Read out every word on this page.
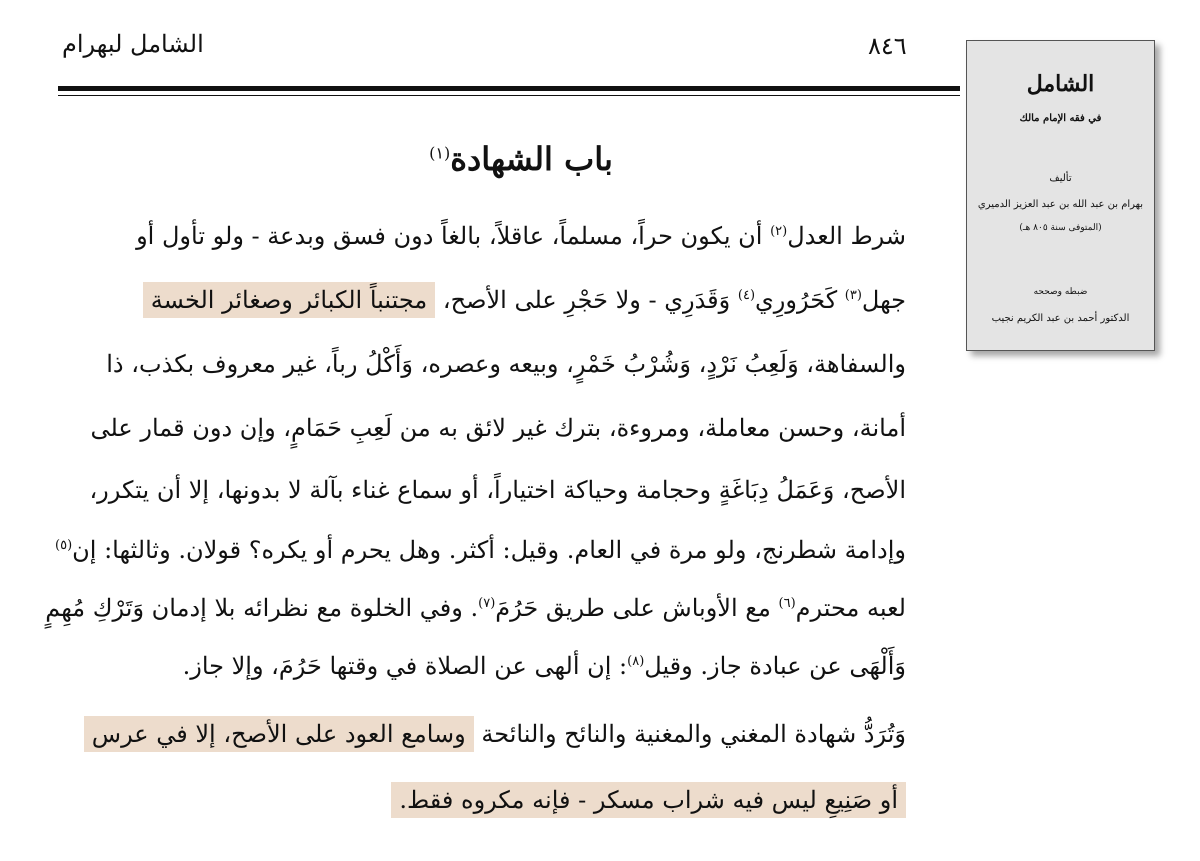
الشامل لبهرام	٨٤٦
باب الشهادة$^{(١)}$
شرط العدل$^{(٢)}$ أن يكون حراً، مسلماً، عاقلاً، بالغاً دون فسق وبدعة - ولو تأول أو
جهل$^{(٣)}$ كَحَرُورِي$^{(٤)}$ وَقَدَرِي - ولا حَجْرِ على الأصح، مجتنباً الكبائر وصغائر الخسة
والسفاهة، وَلَعِبُ نَرْدٍ، وَشُرْبُ خَمْرٍ، وبيعه وعصره، وَأَكْلُ رباً، غير معروف بكذب، ذا
أمانة، وحسن معاملة، ومروءة، بترك غير لائق به من لَعِبِ حَمَامٍ، وإن دون قمار على
الأصح، وَعَمَلُ دِبَاغَةٍ وحجامة وحياكة اختياراً، أو سماع غناء بآلة لا بدونها، إلا أن يتكرر،
وإدامة شطرنج، ولو مرة في العام. وقيل: أكثر. وهل يحرم أو يكره؟ قولان. وثالثها: إن$^{(٥)}$
لعبه محترم$^{(٦)}$ مع الأوباش على طريق حَرُمَ$^{(٧)}$. وفي الخلوة مع نظرائه بلا إدمان وَتَرْكِ مُهِمٍ
وَأَلْهَى عن عبادة جاز. وقيل$^{(٨)}$: إن ألهى عن الصلاة في وقتها حَرُمَ، وإلا جاز.
وَتُرَدُّ شهادة المغني والمغنية والنائح والنائحة وسامع العود على الأصح، إلا في عرس
أو صَنِيعِ ليس فيه شراب مسكر - فإنه مكروه فقط.
الشامل
في فقه الإمام مالك
تأليف
بهرام بن عبد الله بن عبد العزيز الدميري
(المتوفى سنة ٨٠٥ هـ)
ضبطه وصححه
الدكتور أحمد بن عبد الكريم نجيب
